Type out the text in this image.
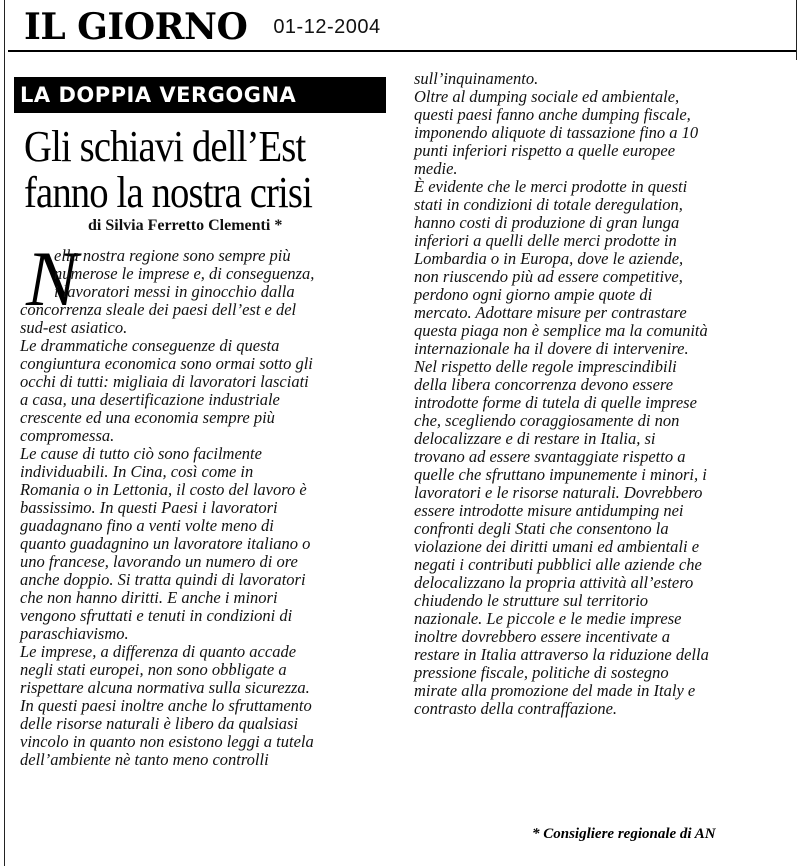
IL GIORNO 01-12-2004
LA DOPPIA VERGOGNA
Gli schiavi dell’Est
fanno la nostra crisi
di Silvia Ferretto Clementi *
N
ella nostra regione sono sempre più
numerose le imprese e, di conseguenza,
i lavoratori messi in ginocchio dalla
concorrenza sleale dei paesi dell’est e del
sud-est asiatico.
Le drammatiche conseguenze di questa
congiuntura economica sono ormai sotto gli
occhi di tutti: migliaia di lavoratori lasciati
a casa, una desertificazione industriale
crescente ed una economia sempre più
compromessa.
Le cause di tutto ciò sono facilmente
individuabili. In Cina, così come in
Romania o in Lettonia, il costo del lavoro è
bassissimo. In questi Paesi i lavoratori
guadagnano fino a venti volte meno di
quanto guadagnino un lavoratore italiano o
uno francese, lavorando un numero di ore
anche doppio. Si tratta quindi di lavoratori
che non hanno diritti. E anche i minori
vengono sfruttati e tenuti in condizioni di
paraschiavismo.
Le imprese, a differenza di quanto accade
negli stati europei, non sono obbligate a
rispettare alcuna normativa sulla sicurezza.
In questi paesi inoltre anche lo sfruttamento
delle risorse naturali è libero da qualsiasi
vincolo in quanto non esistono leggi a tutela
dell’ambiente nè tanto meno controlli
sull’inquinamento.
Oltre al dumping sociale ed ambientale,
questi paesi fanno anche dumping fiscale,
imponendo aliquote di tassazione fino a 10
punti inferiori rispetto a quelle europee
medie.
È evidente che le merci prodotte in questi
stati in condizioni di totale deregulation,
hanno costi di produzione di gran lunga
inferiori a quelli delle merci prodotte in
Lombardia o in Europa, dove le aziende,
non riuscendo più ad essere competitive,
perdono ogni giorno ampie quote di
mercato. Adottare misure per contrastare
questa piaga non è semplice ma la comunità
internazionale ha il dovere di intervenire.
Nel rispetto delle regole imprescindibili
della libera concorrenza devono essere
introdotte forme di tutela di quelle imprese
che, scegliendo coraggiosamente di non
delocalizzare e di restare in Italia, si
trovano ad essere svantaggiate rispetto a
quelle che sfruttano impunemente i minori, i
lavoratori e le risorse naturali. Dovrebbero
essere introdotte misure antidumping nei
confronti degli Stati che consentono la
violazione dei diritti umani ed ambientali e
negati i contributi pubblici alle aziende che
delocalizzano la propria attività all’estero
chiudendo le strutture sul territorio
nazionale. Le piccole e le medie imprese
inoltre dovrebbero essere incentivate a
restare in Italia attraverso la riduzione della
pressione fiscale, politiche di sostegno
mirate alla promozione del made in Italy e
contrasto della contraffazione.
* Consigliere regionale di AN
